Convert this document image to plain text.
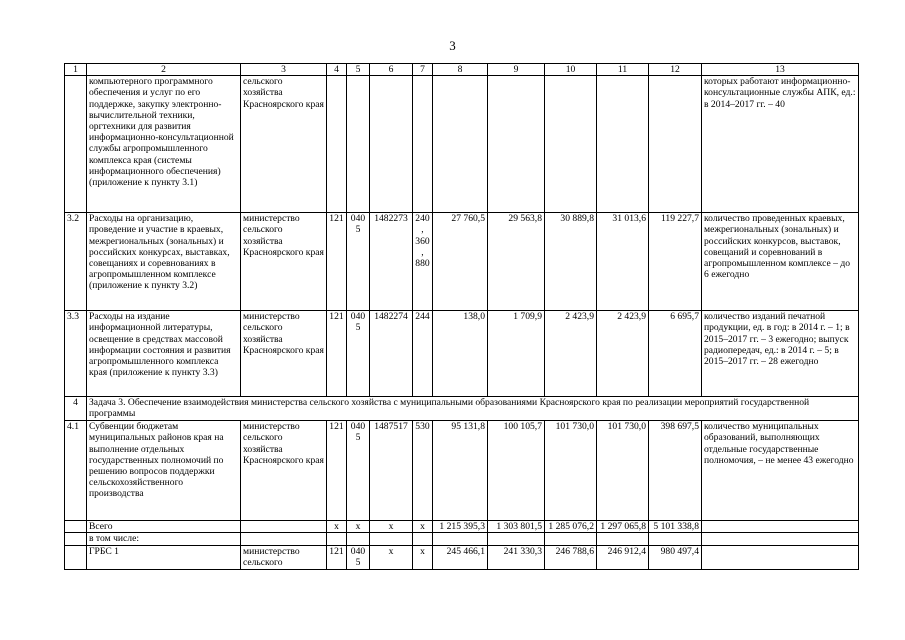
3
1	2	3	4	5	6	7	8	9	10	11	12	13
	компьютерного программного обеспечения и услуг по его поддержке, закупку электронно-вычислительной техники, оргтехники для развития информационно-консультационной службы агропромышленного комплекса края (системы информационного обеспечения) (приложение к пункту 3.1)	сельского хозяйства Красноярского края										которых работают информационно-консультационные службы АПК, ед.: в 2014–2017 гг. – 40
3.2	Расходы на организацию, проведение и участие в краевых, межрегиональных (зональных) и российских конкурсах, выставках, совещаниях и соревнованиях в агропромышленном комплексе (приложение к пункту 3.2)	министерство сельского хозяйства Красноярского края	121	0405	1482273	240, 360, 880	27 760,5	29 563,8	30 889,8	31 013,6	119 227,7	количество проведенных краевых, межрегиональных (зональных) и российских конкурсов, выставок, совещаний и соревнований в агропромышленном комплексе – до 6 ежегодно
3.3	Расходы на издание информационной литературы, освещение в средствах массовой информации состояния и развития агропромышленного комплекса края (приложение к пункту 3.3)	министерство сельского хозяйства Красноярского края	121	0405	1482274	244	138,0	1 709,9	2 423,9	2 423,9	6 695,7	количество изданий печатной продукции, ед. в год: в 2014 г. – 1; в 2015–2017 гг. – 3 ежегодно; выпуск радиопередач, ед.: в 2014 г. – 5; в 2015–2017 гг. – 28 ежегодно
4	Задача 3. Обеспечение взаимодействия министерства сельского хозяйства с муниципальными образованиями Красноярского края по реализации мероприятий государственной программы											
4.1	Субвенции бюджетам муниципальных районов края на выполнение отдельных государственных полномочий по решению вопросов поддержки сельскохозяйственного производства	министерство сельского хозяйства Красноярского края	121	0405	1487517	530	95 131,8	100 105,7	101 730,0	101 730,0	398 697,5	количество муниципальных образований, выполняющих отдельные государственные полномочия, – не менее 43 ежегодно
	Всего		x	x	x	x	1 215 395,3	1 303 801,5	1 285 076,2	1 297 065,8	5 101 338,8	
	в том числе:											
	ГРБС 1	министерство сельского	121	0405	x	x	245 466,1	241 330,3	246 788,6	246 912,4	980 497,4	
